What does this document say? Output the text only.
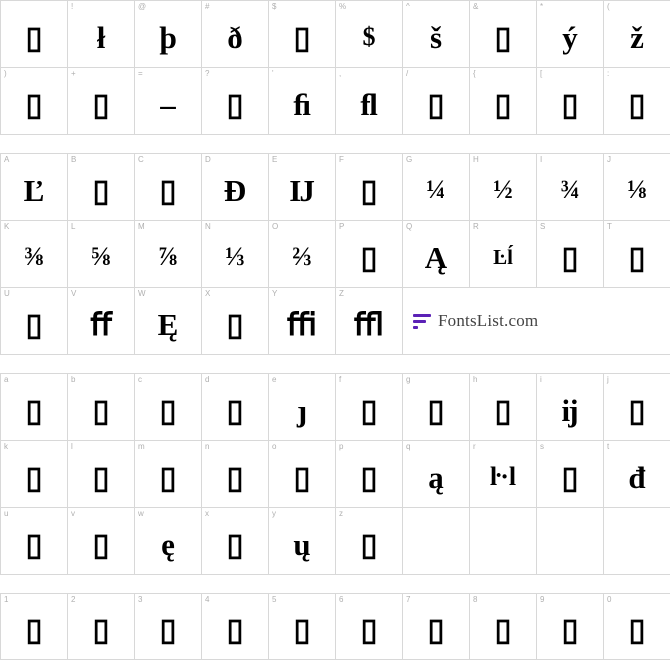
▯
!
ł
@
þ
#
ð
$
▯
%
$
^
š
&
▯
*
ý
(
ž
)
▯
+
▯
=
–
?
▯
'
ﬁ
,
ﬂ
/
▯
{
▯
[
▯
:
▯
A
Ľ
B
▯
C
▯
D
Đ
E
Ĳ
F
▯
G
¼
H
½
I
¾
J
⅛
K
⅜
L
⅝
M
⅞
N
⅓
O
⅔
P
▯
Q
Ą
R
Ŀĺ
S
▯
T
▯
U
▯
V
ﬀ
W
Ę
X
▯
Y
ﬃ
Z
ﬄ	FontsList.com
a
▯
b
▯
c
▯
d
▯
e
ȷ
f
▯
g
▯
h
▯
i
ĳ
j
▯
k
▯
l
▯
m
▯
n
▯
o
▯
p
▯
q
ą
r
ŀ·l
s
▯
t
đ
u
▯
v
▯
w
ę
x
▯
y
ų
z
▯
1
▯
2
▯
3
▯
4
▯
5
▯
6
▯
7
▯
8
▯
9
▯
0
▯
